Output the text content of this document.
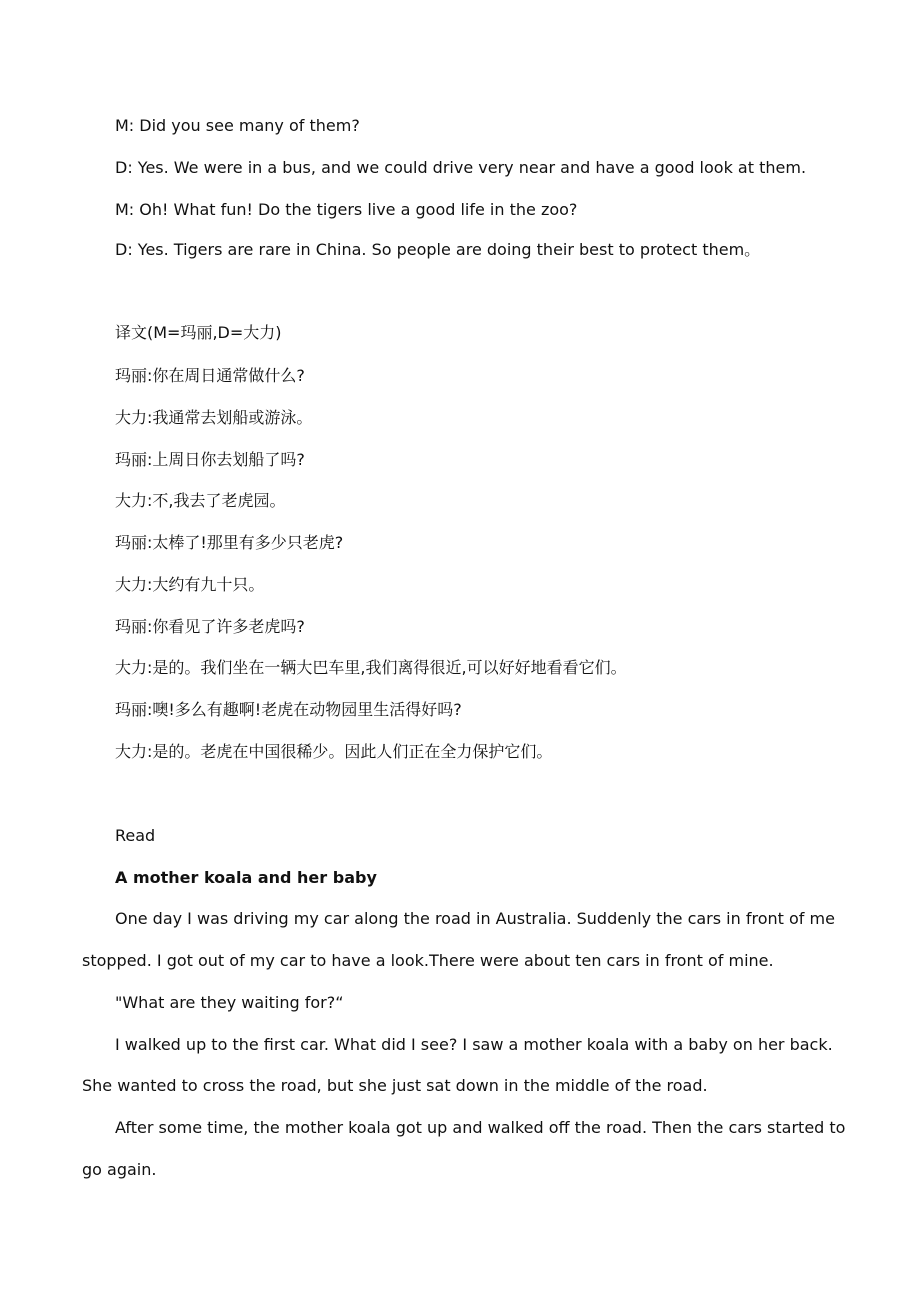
M: Did you see many of them?
D: Yes. We were in a bus, and we could drive very near and have a good look at them.
M: Oh! What fun! Do the tigers live a good life in the zoo?
D: Yes. Tigers are rare in China. So people are doing their best to protect them。
译文(M=玛丽,D=大力)
玛丽:你在周日通常做什么?
大力:我通常去划船或游泳。
玛丽:上周日你去划船了吗?
大力:不,我去了老虎园。
玛丽:太棒了!那里有多少只老虎?
大力:大约有九十只。
玛丽:你看见了许多老虎吗?
大力:是的。我们坐在一辆大巴车里,我们离得很近,可以好好地看看它们。
玛丽:噢!多么有趣啊!老虎在动物园里生活得好吗?
大力:是的。老虎在中国很稀少。因此人们正在全力保护它们。
Read
A mother koala and her baby
One day I was driving my car along the road in Australia. Suddenly the cars in front of me
stopped. I got out of my car to have a look.There were about ten cars in front of mine.
"What are they waiting for?“
I walked up to the first car. What did I see? I saw a mother koala with a baby on her back.
She wanted to cross the road, but she just sat down in the middle of the road.
After some time, the mother koala got up and walked off the road. Then the cars started to
go again.
